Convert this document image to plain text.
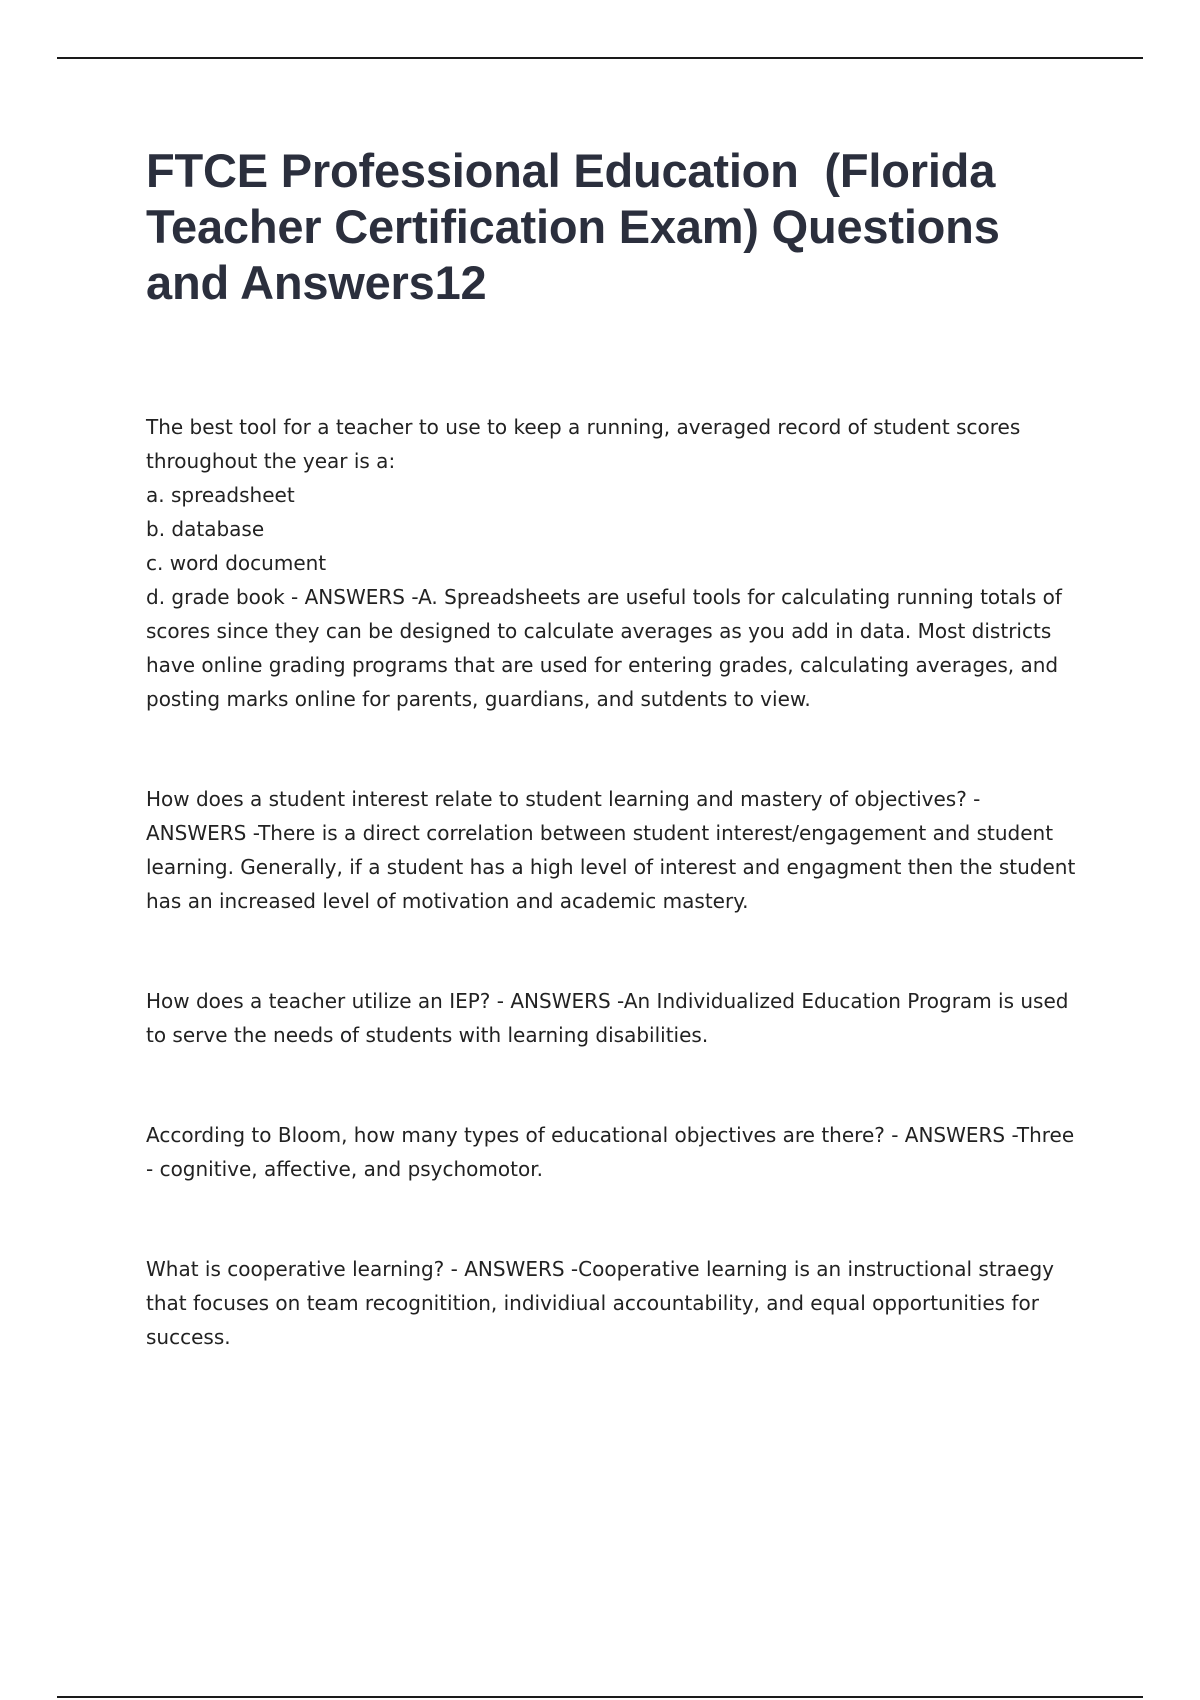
FTCE Professional Education  (Florida Teacher Certification Exam) Questions and Answers12

The best tool for a teacher to use to keep a running, averaged record of student scores throughout the year is a:

a. spreadsheet

b. database

c. word document

d. grade book - ANSWERS -A. Spreadsheets are useful tools for calculating running totals of scores since they can be designed to calculate averages as you add in data. Most districts have online grading programs that are used for entering grades, calculating averages, and posting marks online for parents, guardians, and sutdents to view.

How does a student interest relate to student learning and mastery of objectives? - ANSWERS -There is a direct correlation between student interest/engagement and student learning. Generally, if a student has a high level of interest and engagment then the student has an increased level of motivation and academic mastery.

How does a teacher utilize an IEP? - ANSWERS -An Individualized Education Program is used to serve the needs of students with learning disabilities.

According to Bloom, how many types of educational objectives are there? - ANSWERS -Three - cognitive, affective, and psychomotor.

What is cooperative learning? - ANSWERS -Cooperative learning is an instructional straegy that focuses on team recognitition, individiual accountability, and equal opportunities for success.
